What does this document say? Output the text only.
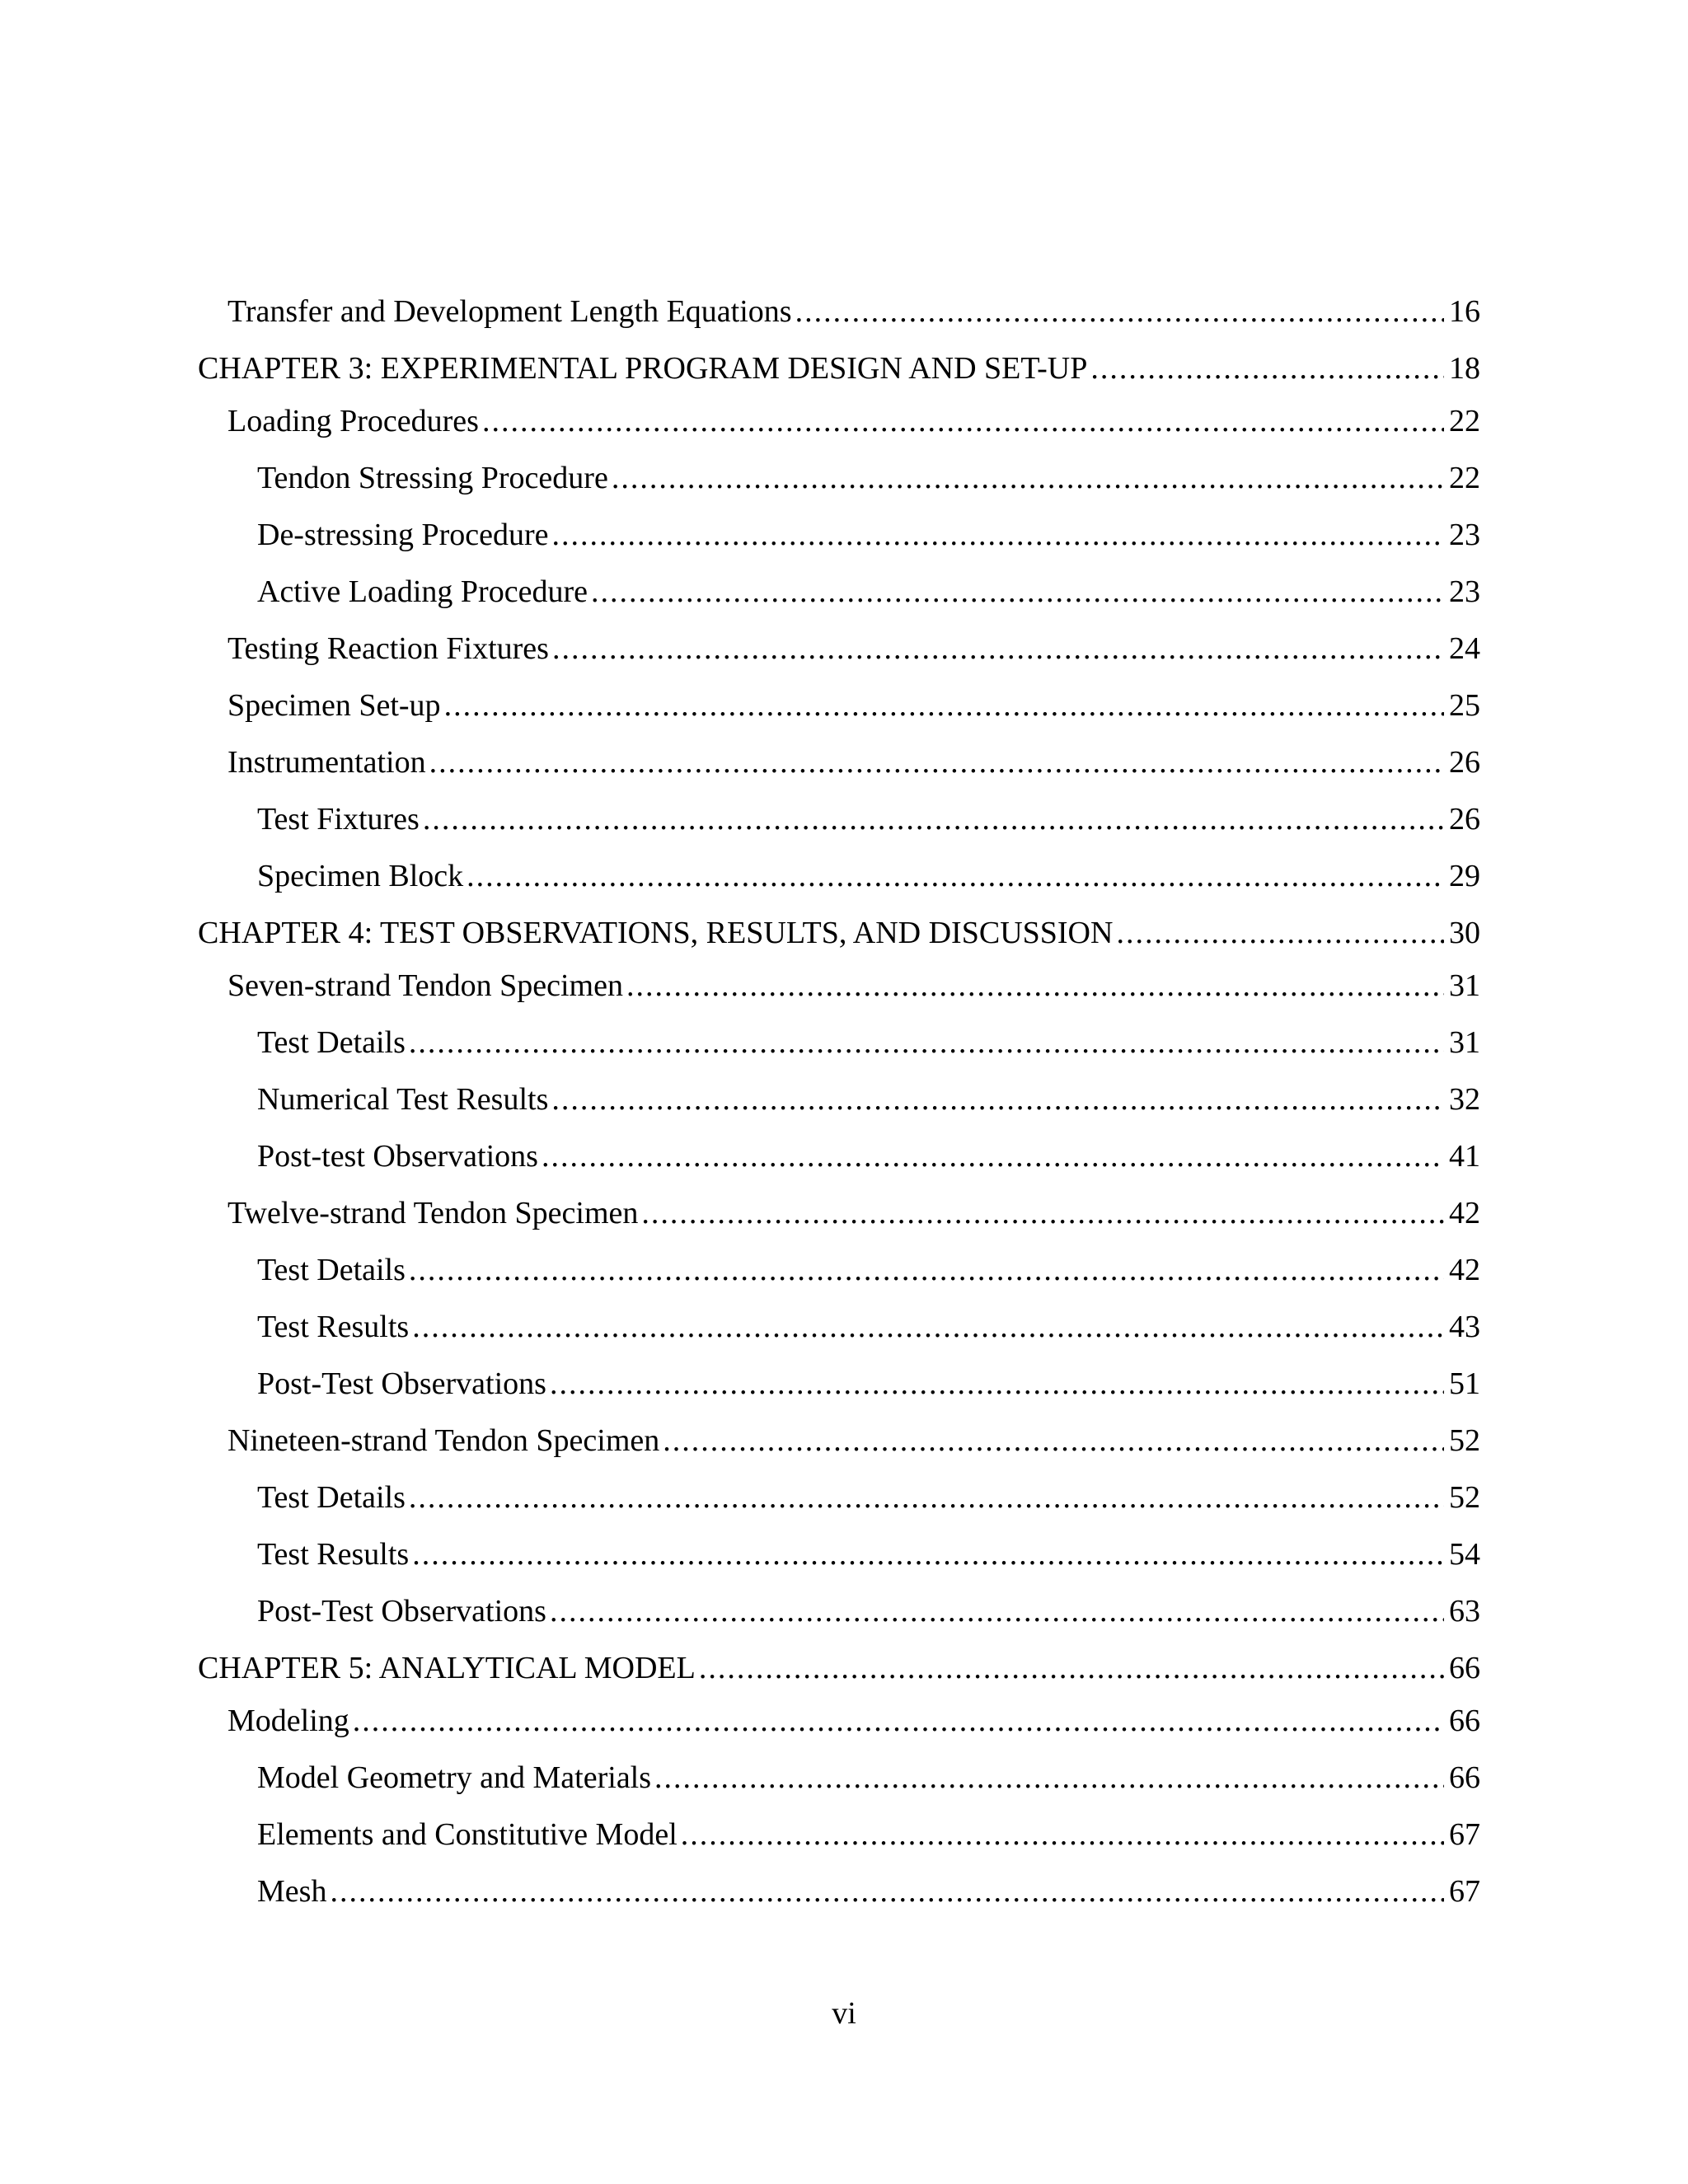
Transfer and Development Length Equations .....	16
CHAPTER 3: EXPERIMENTAL PROGRAM DESIGN AND SET-UP .....	18
Loading Procedures .....	22
Tendon Stressing Procedure .....	22
De-stressing Procedure .....	23
Active Loading Procedure .....	23
Testing Reaction Fixtures .....	24
Specimen Set-up .....	25
Instrumentation .....	26
Test Fixtures .....	26
Specimen Block .....	29
CHAPTER 4: TEST OBSERVATIONS, RESULTS, AND DISCUSSION .....	30
Seven-strand Tendon Specimen .....	31
Test Details .....	31
Numerical Test Results .....	32
Post-test Observations .....	41
Twelve-strand Tendon Specimen .....	42
Test Details .....	42
Test Results .....	43
Post-Test Observations .....	51
Nineteen-strand Tendon Specimen .....	52
Test Details .....	52
Test Results .....	54
Post-Test Observations .....	63
CHAPTER 5: ANALYTICAL MODEL .....	66
Modeling .....	66
Model Geometry and Materials .....	66
Elements and Constitutive Model .....	67
Mesh .....	67
vi
